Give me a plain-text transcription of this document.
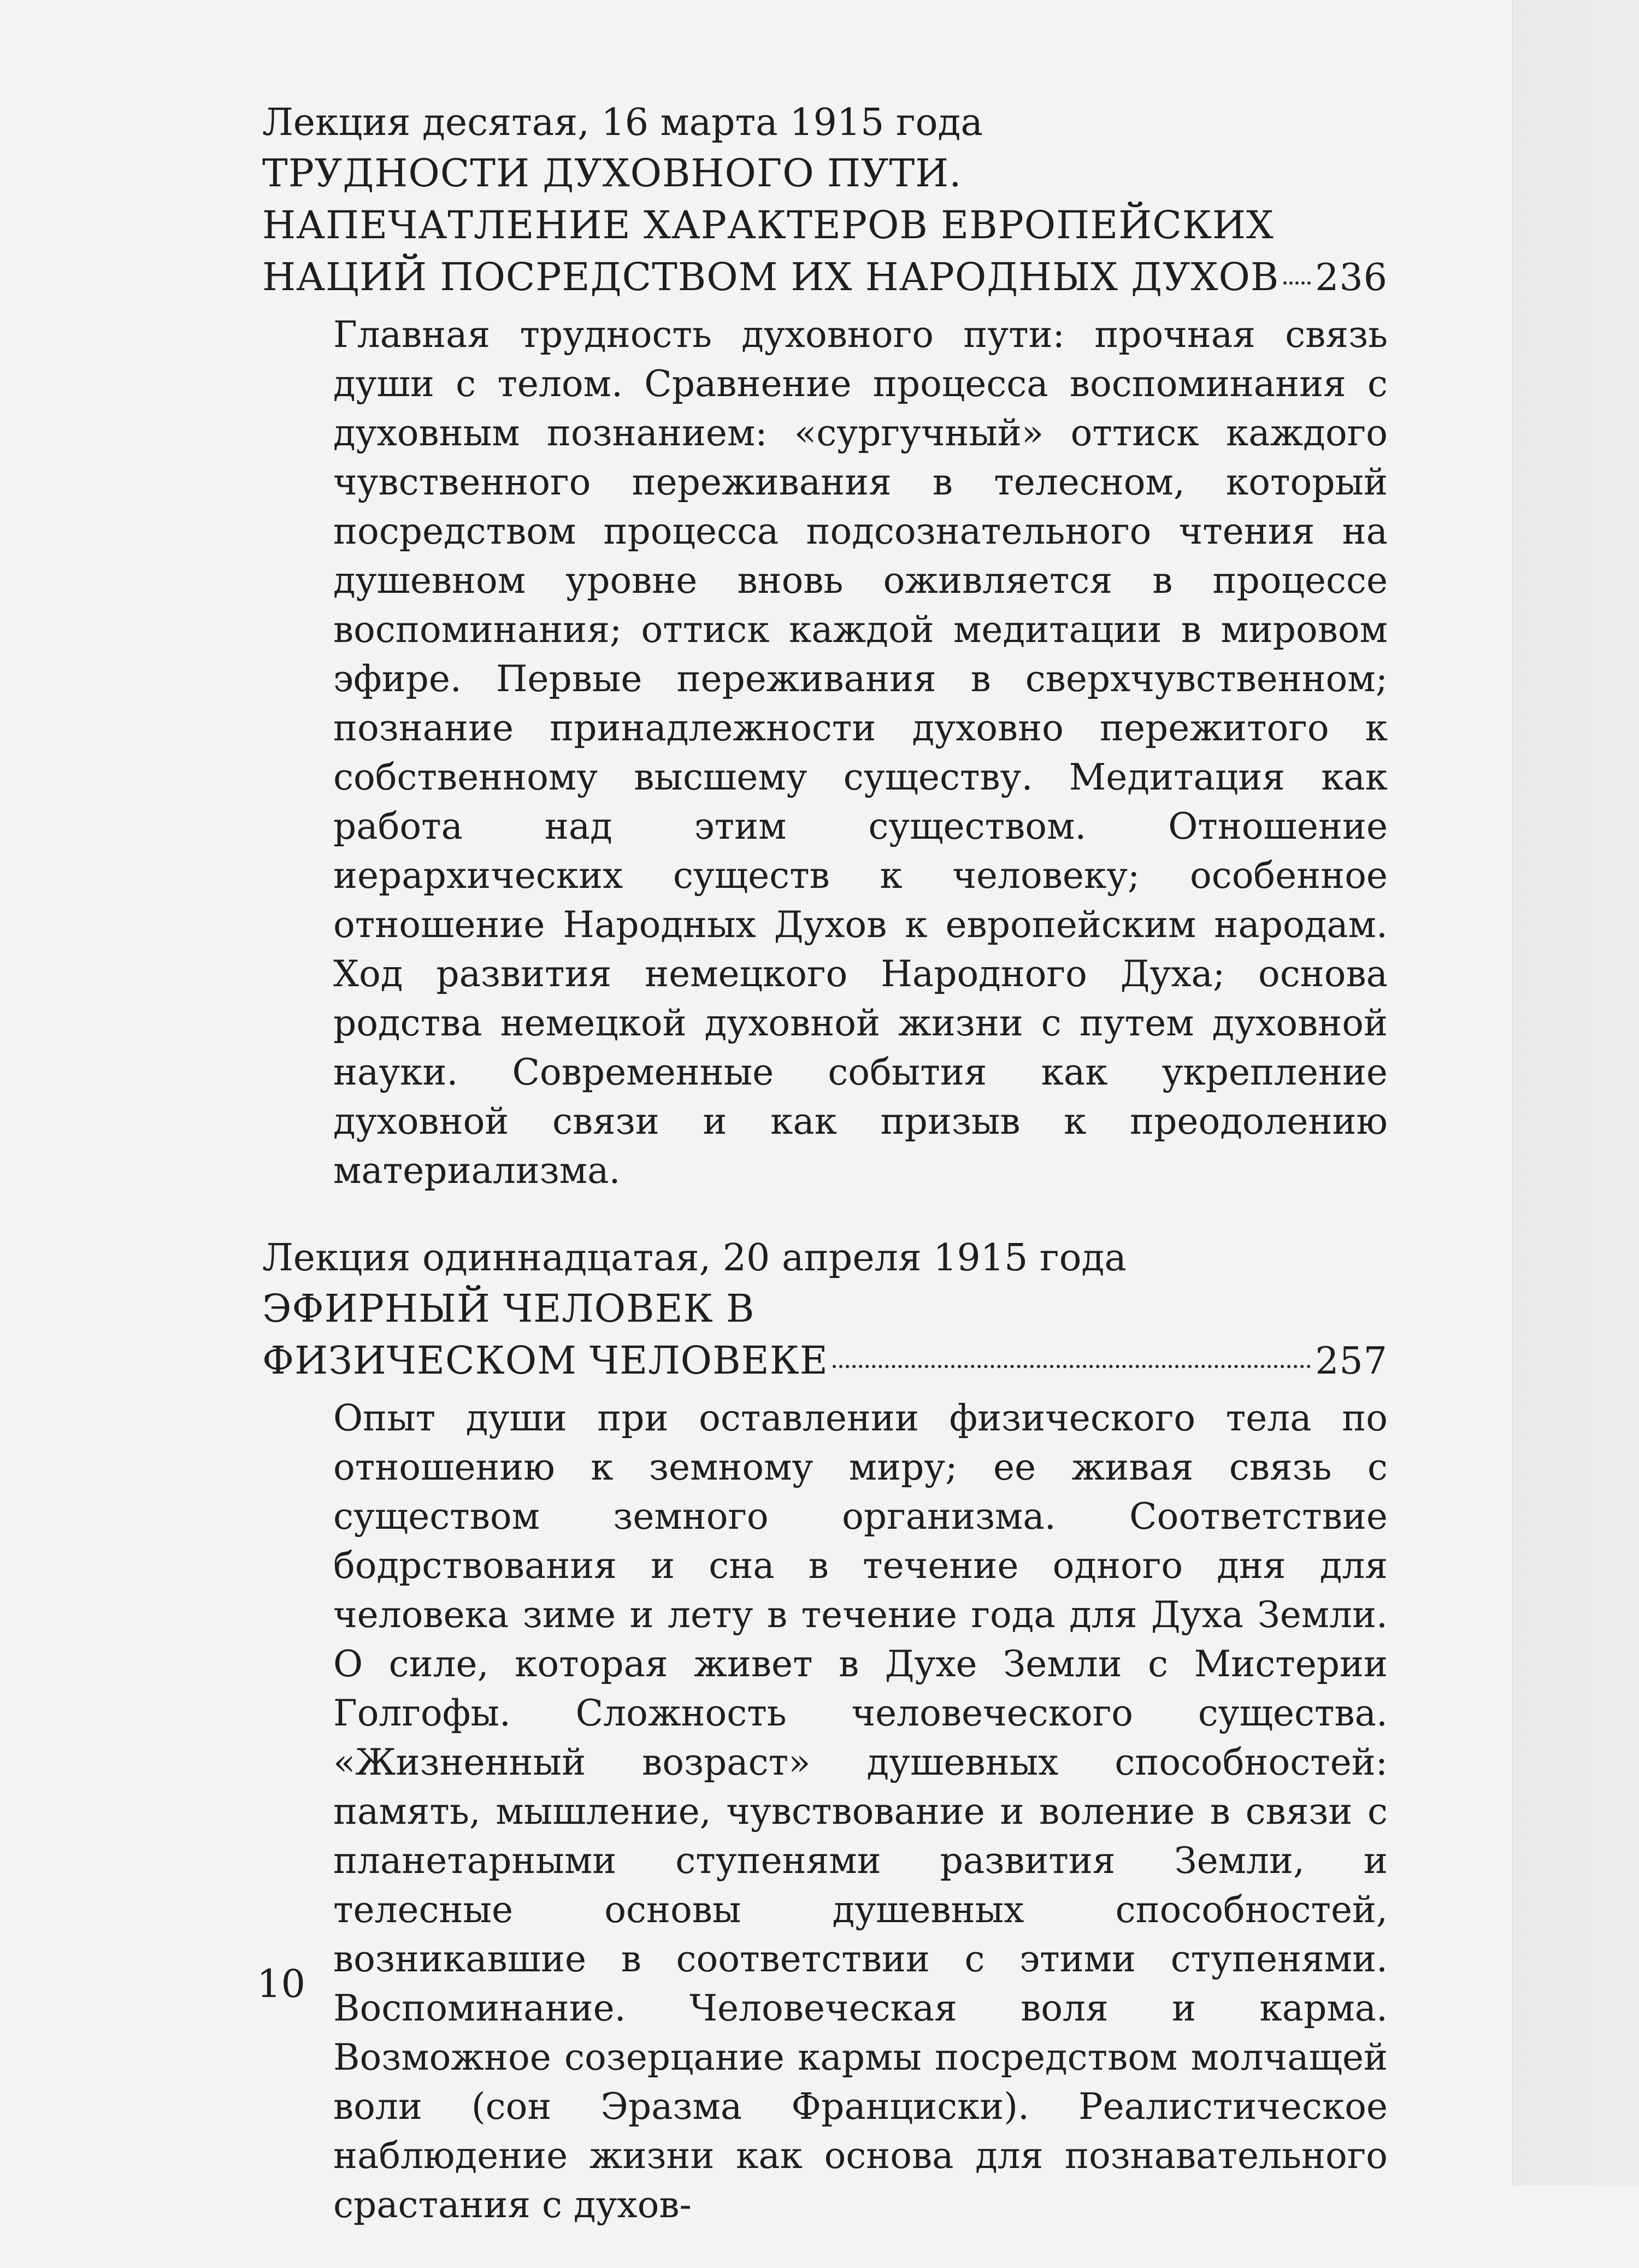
Лекция десятая, 16 марта 1915 года
ТРУДНОСТИ ДУХОВНОГО ПУТИ.
НАПЕЧАТЛЕНИЕ ХАРАКТЕРОВ ЕВРОПЕЙСКИХ
НАЦИЙ ПОСРЕДСТВОМ ИХ НАРОДНЫХ ДУХОВ 236
Главная трудность духовного пути: прочная связь души с телом. Сравнение процесса воспоминания с духовным познанием: «сургучный» оттиск каждого чувственного переживания в телесном, который посредством процесса подсознательного чтения на душевном уровне вновь оживляется в процессе воспоминания; оттиск каждой медитации в мировом эфире. Первые переживания в сверхчувственном; познание принадлежности духовно пережитого к собственному высшему существу. Медитация как работа над этим существом. Отношение иерархических существ к человеку; особенное отношение Народных Духов к европейским народам. Ход развития немецкого Народного Духа; основа родства немецкой духовной жизни с путем духовной науки. Современные события как укрепление духовной связи и как призыв к преодолению материализма.
Лекция одиннадцатая, 20 апреля 1915 года
ЭФИРНЫЙ ЧЕЛОВЕК В
ФИЗИЧЕСКОМ ЧЕЛОВЕКЕ	257
Опыт души при оставлении физического тела по отношению к земному миру; ее живая связь с существом земного организма. Соответствие бодрствования и сна в течение одного дня для человека зиме и лету в течение года для Духа Земли. О силе, которая живет в Духе Земли с Мистерии Голгофы. Сложность человеческого существа. «Жизненный возраст» душевных способностей: память, мышление, чувствование и воление в связи с планетарными ступенями развития Земли, и телесные основы душевных способностей, возникавшие в соответствии с этими ступенями. Воспоминание. Человеческая воля и карма. Возможное созерцание кармы посредством молчащей воли (сон Эразма Франциски). Реалистическое наблюдение жизни как основа для познавательного срастания с духов-
10
